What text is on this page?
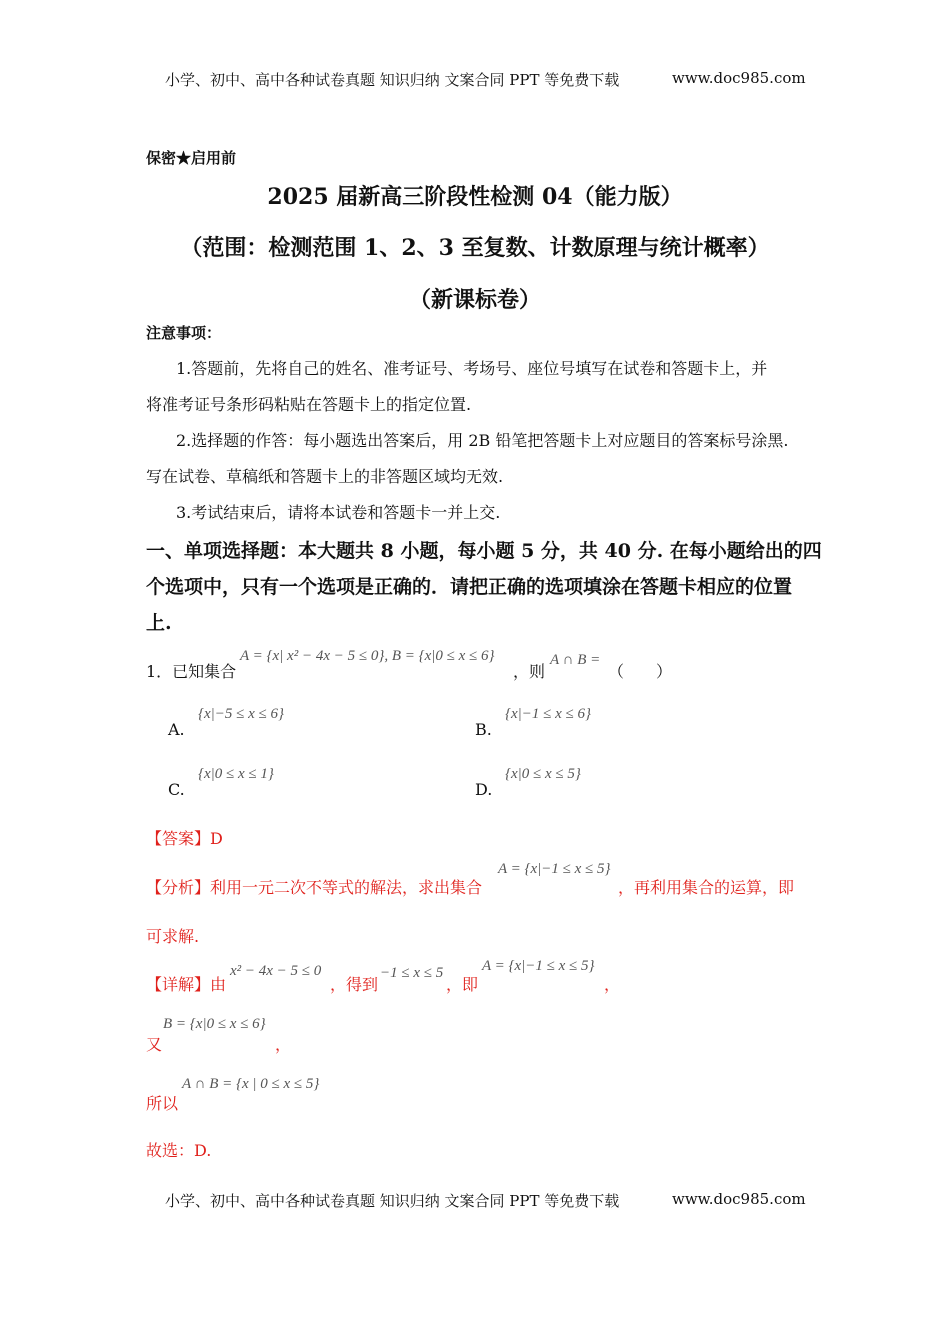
小学、初中、高中各种试卷真题 知识归纳 文案合同 PPT 等免费下载	www.doc985.com
保密★启用前
2025 届新高三阶段性检测 04（能力版）
（范围：检测范围 1、2、3 至复数、计数原理与统计概率）
（新课标卷）
注意事项：
1.答题前，先将自己的姓名、准考证号、考场号、座位号填写在试卷和答题卡上，并
将准考证号条形码粘贴在答题卡上的指定位置.
2.选择题的作答：每小题选出答案后，用 2B 铅笔把答题卡上对应题目的答案标号涂黑.
写在试卷、草稿纸和答题卡上的非答题区域均无效.
3.考试结束后，请将本试卷和答题卡一并上交.
一、单项选择题：本大题共 8 小题，每小题 5 分，共 40 分. 在每小题给出的四
个选项中，只有一个选项是正确的．请把正确的选项填涂在答题卡相应的位置
上.
1．已知集合
A = {x| x² − 4x − 5 ≤ 0}, B = {x|0 ≤ x ≤ 6}
，则
A ∩ B =
（　　）
A.
{x|−5 ≤ x ≤ 6}
B.
{x|−1 ≤ x ≤ 6}
C.
{x|0 ≤ x ≤ 1}
D.
{x|0 ≤ x ≤ 5}
【答案】D
【分析】利用一元二次不等式的解法，求出集合
A = {x|−1 ≤ x ≤ 5}
，再利用集合的运算，即
可求解.
【详解】由
x² − 4x − 5 ≤ 0
，得到
−1 ≤ x ≤ 5
，即
A = {x|−1 ≤ x ≤ 5}
，
又
B = {x|0 ≤ x ≤ 6}
，
所以
A ∩ B = {x | 0 ≤ x ≤ 5}
故选：D.
小学、初中、高中各种试卷真题 知识归纳 文案合同 PPT 等免费下载	www.doc985.com
